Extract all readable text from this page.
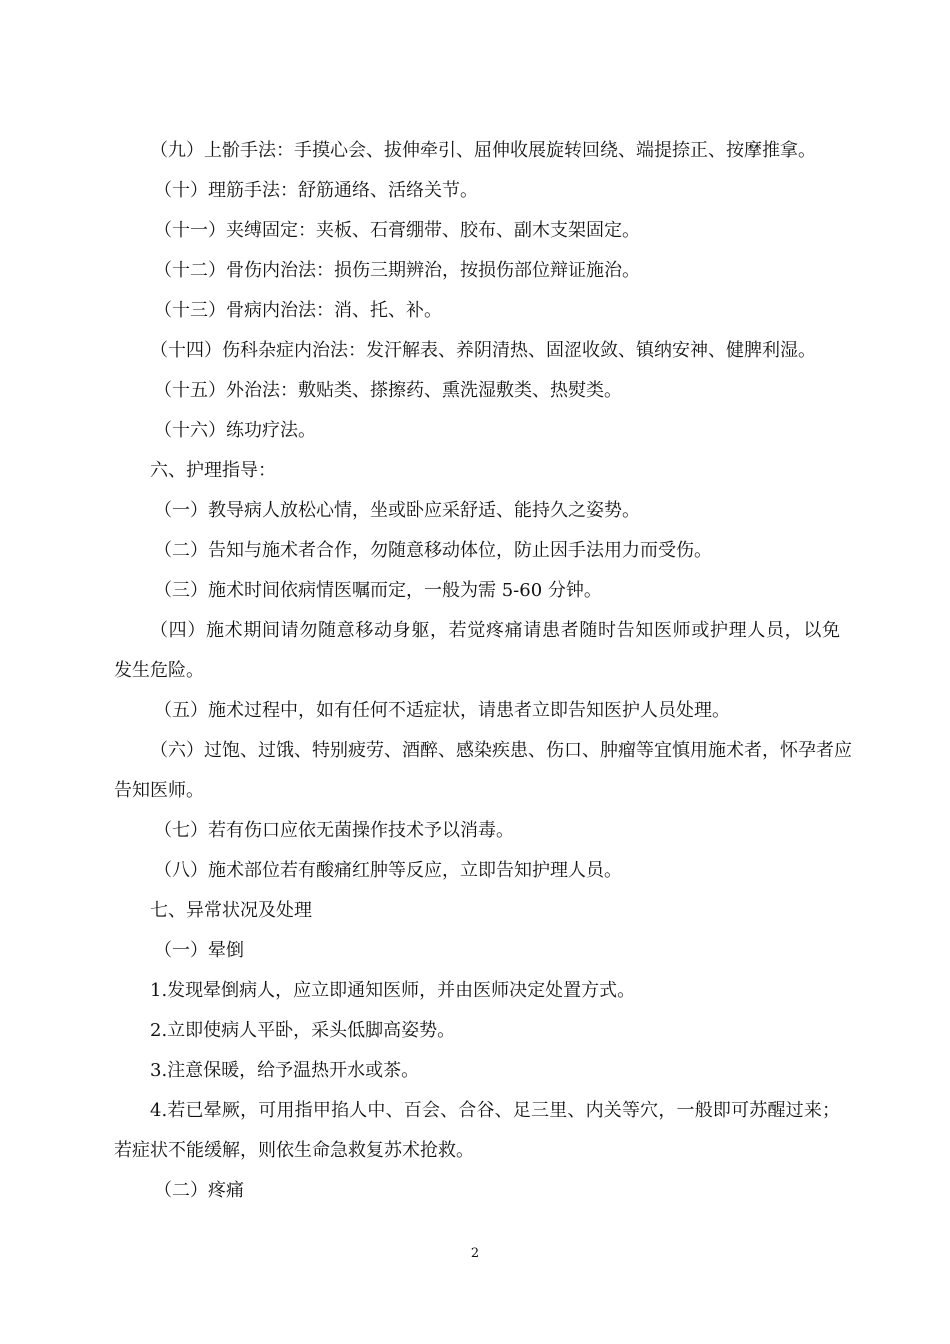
（九）上骱手法：手摸心会、拔伸牵引、屈伸收展旋转回绕、端提捺正、按摩推拿。
（十）理筋手法：舒筋通络、活络关节。
（十一）夹缚固定：夹板、石膏绷带、胶布、副木支架固定。
（十二）骨伤内治法：损伤三期辨治，按损伤部位辩证施治。
（十三）骨病内治法：消、托、补。
（十四）伤科杂症内治法：发汗解表、养阴清热、固涩收敛、镇纳安神、健脾利湿。
（十五）外治法：敷贴类、搽擦药、熏洗湿敷类、热熨类。
（十六）练功疗法。
六、护理指导：
（一）教导病人放松心情，坐或卧应采舒适、能持久之姿势。
（二）告知与施术者合作，勿随意移动体位，防止因手法用力而受伤。
（三）施术时间依病情医嘱而定，一般为需 5-60 分钟。
（四）施术期间请勿随意移动身躯，若觉疼痛请患者随时告知医师或护理人员，以免
发生危险。
（五）施术过程中，如有任何不适症状，请患者立即告知医护人员处理。
（六）过饱、过饿、特别疲劳、酒醉、感染疾患、伤口、肿瘤等宜慎用施术者，怀孕者应
告知医师。
（七）若有伤口应依无菌操作技术予以消毒。
（八）施术部位若有酸痛红肿等反应，立即告知护理人员。
七、异常状况及处理
（一）晕倒
1.发现晕倒病人，应立即通知医师，并由医师决定处置方式。
2.立即使病人平卧，采头低脚高姿势。
3.注意保暖，给予温热开水或茶。
4.若已晕厥，可用指甲掐人中、百会、合谷、足三里、内关等穴，一般即可苏醒过来；
若症状不能缓解，则依生命急救复苏术抢救。
（二）疼痛
2
